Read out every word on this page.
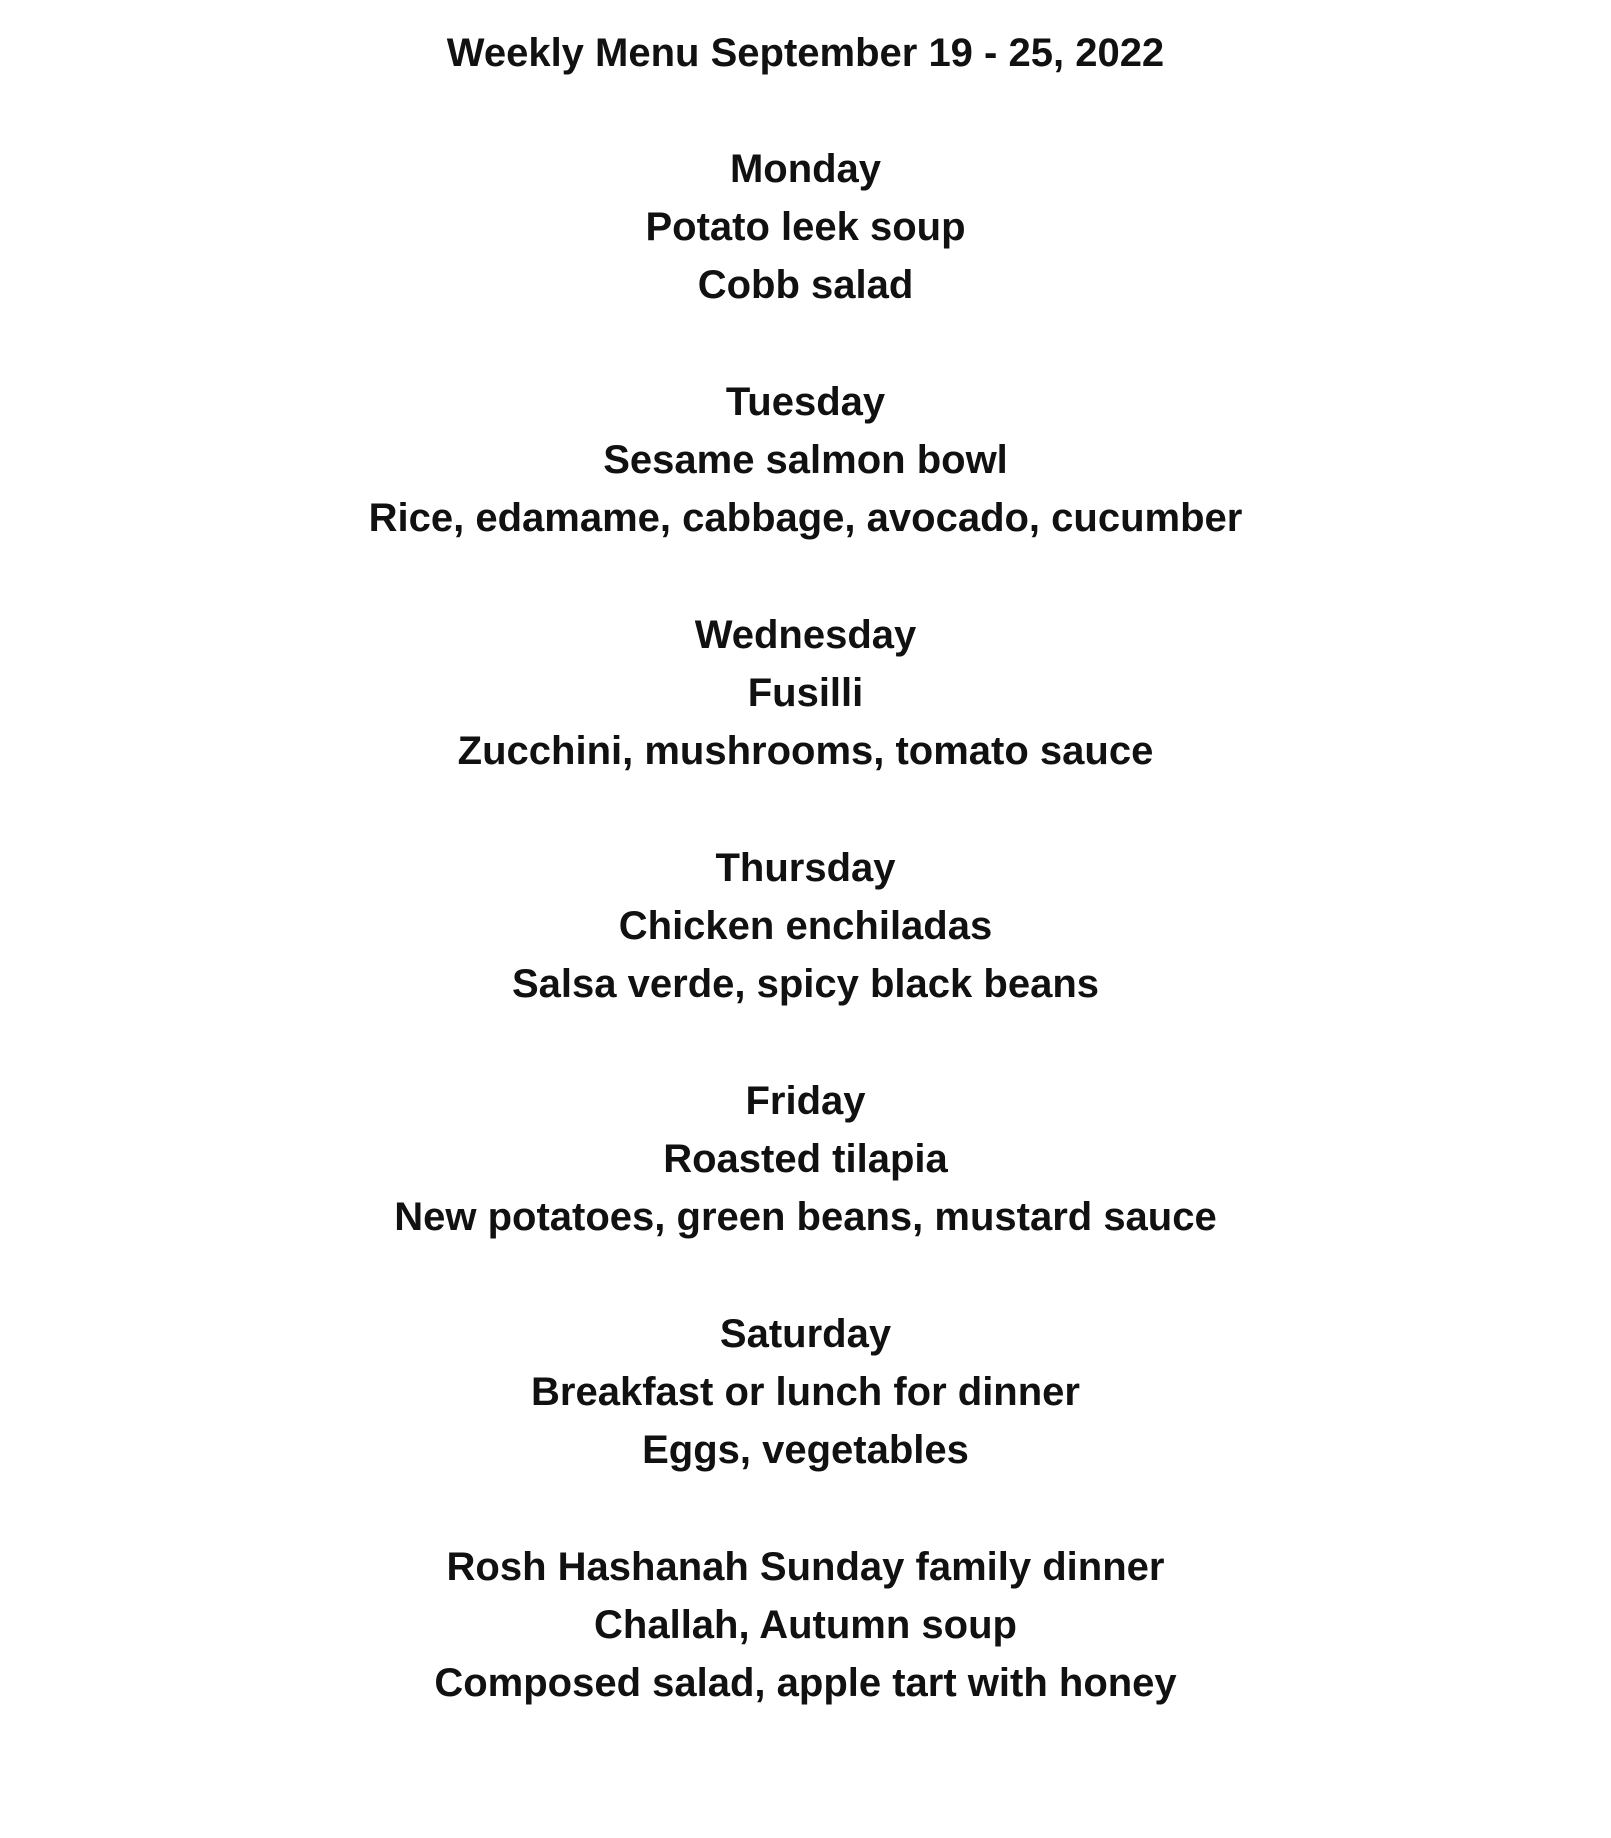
Weekly Menu September 19 - 25, 2022
Monday
Potato leek soup
Cobb salad
Tuesday
Sesame salmon bowl
Rice, edamame, cabbage, avocado, cucumber
Wednesday
Fusilli
Zucchini, mushrooms, tomato sauce
Thursday
Chicken enchiladas
Salsa verde, spicy black beans
Friday
Roasted tilapia
New potatoes, green beans, mustard sauce
Saturday
Breakfast or lunch for dinner
Eggs, vegetables
Rosh Hashanah Sunday family dinner
Challah, Autumn soup
Composed salad, apple tart with honey
